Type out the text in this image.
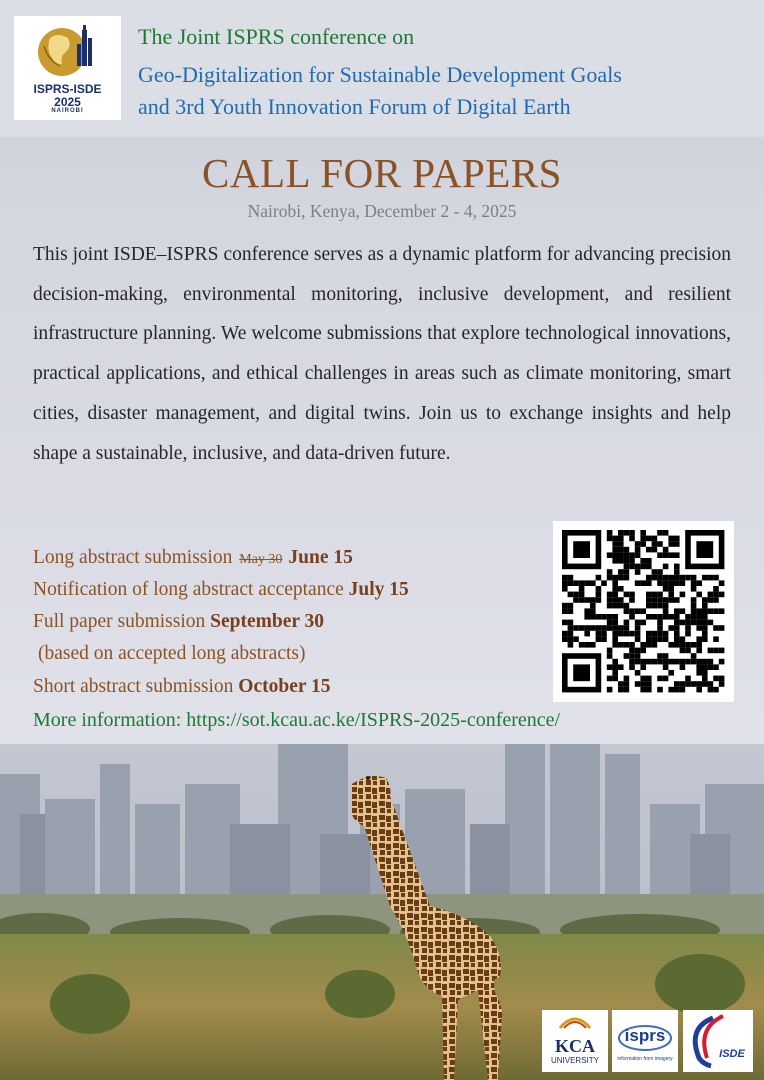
ISPRS-ISDE
2025
NAIROBI
The Joint ISPRS conference on
Geo-Digitalization for Sustainable Development Goals
and 3rd Youth Innovation Forum of Digital Earth
CALL FOR PAPERS
Nairobi, Kenya, December 2 - 4, 2025
This joint ISDE–ISPRS conference serves as a dynamic platform for advancing precision decision-making, environmental monitoring, inclusive development, and resilient infrastructure planning. We welcome submissions that explore technological innovations, practical applications, and ethical challenges in areas such as climate monitoring, smart cities, disaster management, and digital twins. Join us to exchange insights and help shape a sustainable, inclusive, and data-driven future.
Long abstract submission May 30 June 15
Notification of long abstract acceptance July 15
Full paper submission September 30
(based on accepted long abstracts)
Short abstract submission October 15
More information: https://sot.kcau.ac.ke/ISPRS-2025-conference/
KCA
UNIVERSITY
isprs
information from imagery	ISDE
